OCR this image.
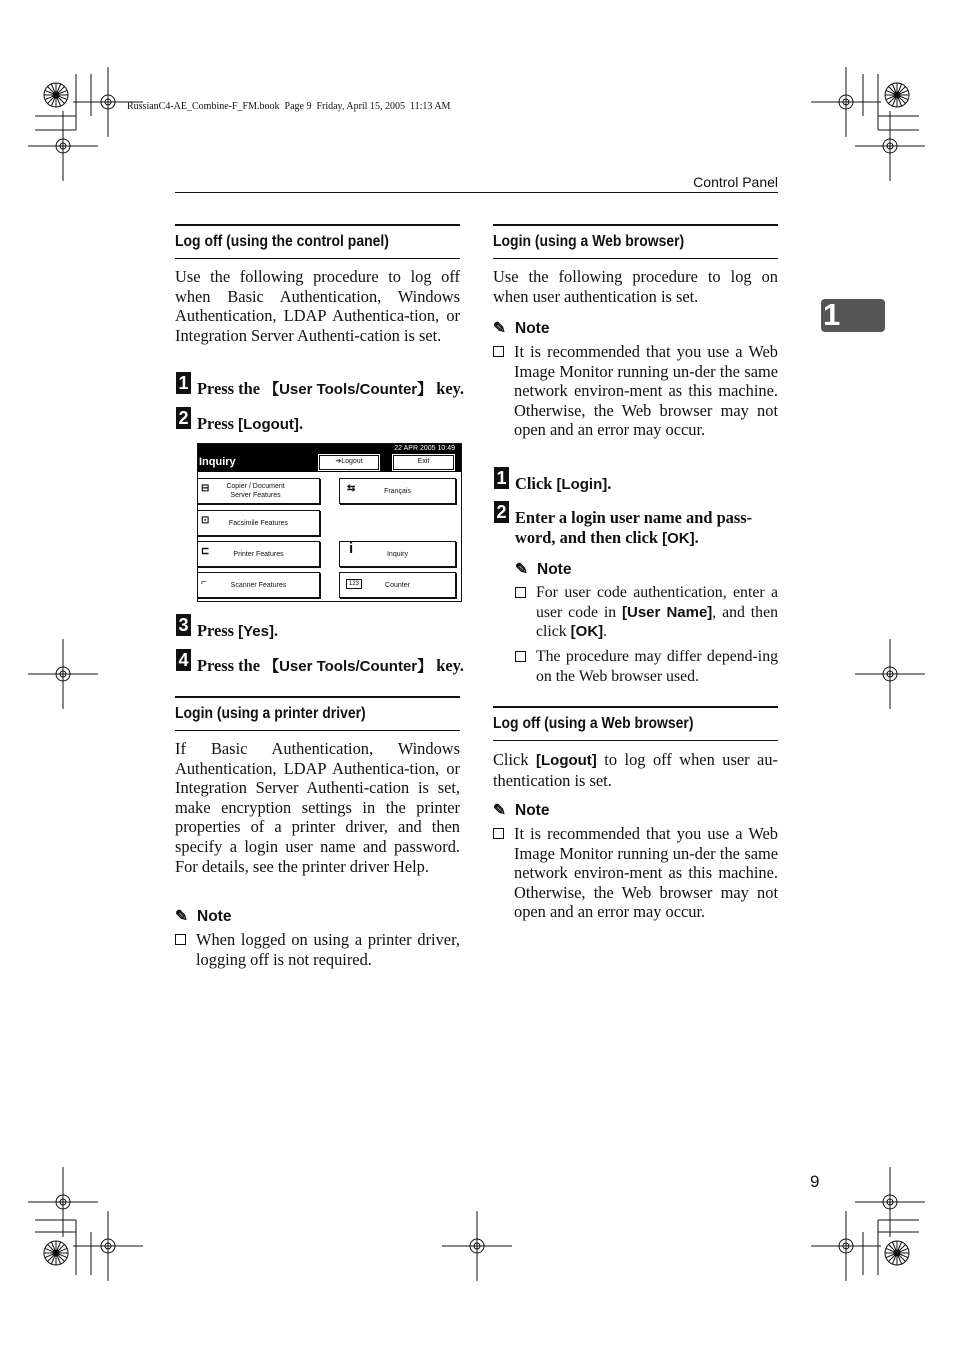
RussianC4-AE_Combine-F_FM.book  Page 9  Friday, April 15, 2005  11:13 AM
Control Panel
1
Log off (using the control panel)
Use the following procedure to log off when Basic Authentication, Windows Authentication, LDAP Authentica-tion, or Integration Server Authenti-cation is set.
1 Press the 【User Tools/Counter】 key.
2 Press [Logout].
22 APR 2005 10:49
Inquiry	➔Logout	Exit
⊟	Copier / Document Server Features
⇆	Français
⊡	Facsimile Features
⊏	Printer Features	i	Inquiry
⌐	Scanner Features	123	Counter
3 Press [Yes].
4 Press the 【User Tools/Counter】 key.
Login (using a printer driver)
If Basic Authentication, Windows Authentication, LDAP Authentica-tion, or Integration Server Authenti-cation is set, make encryption settings in the printer properties of a printer driver, and then specify a login user name and password. For details, see the printer driver Help.
✎ Note
When logged on using a printer driver, logging off is not required.
Login (using a Web browser)
Use the following procedure to log on when user authentication is set.
✎ Note
It is recommended that you use a Web Image Monitor running un-der the same network environ-ment as this machine. Otherwise, the Web browser may not open and an error may occur.
1 Click [Login].
2 Enter a login user name and pass-word, and then click [OK].
✎ Note
For user code authentication, enter a user code in [User Name], and then click [OK].
The procedure may differ depend-ing on the Web browser used.
Log off (using a Web browser)
Click [Logout] to log off when user au-thentication is set.
✎ Note
It is recommended that you use a Web Image Monitor running un-der the same network environ-ment as this machine. Otherwise, the Web browser may not open and an error may occur.
9
